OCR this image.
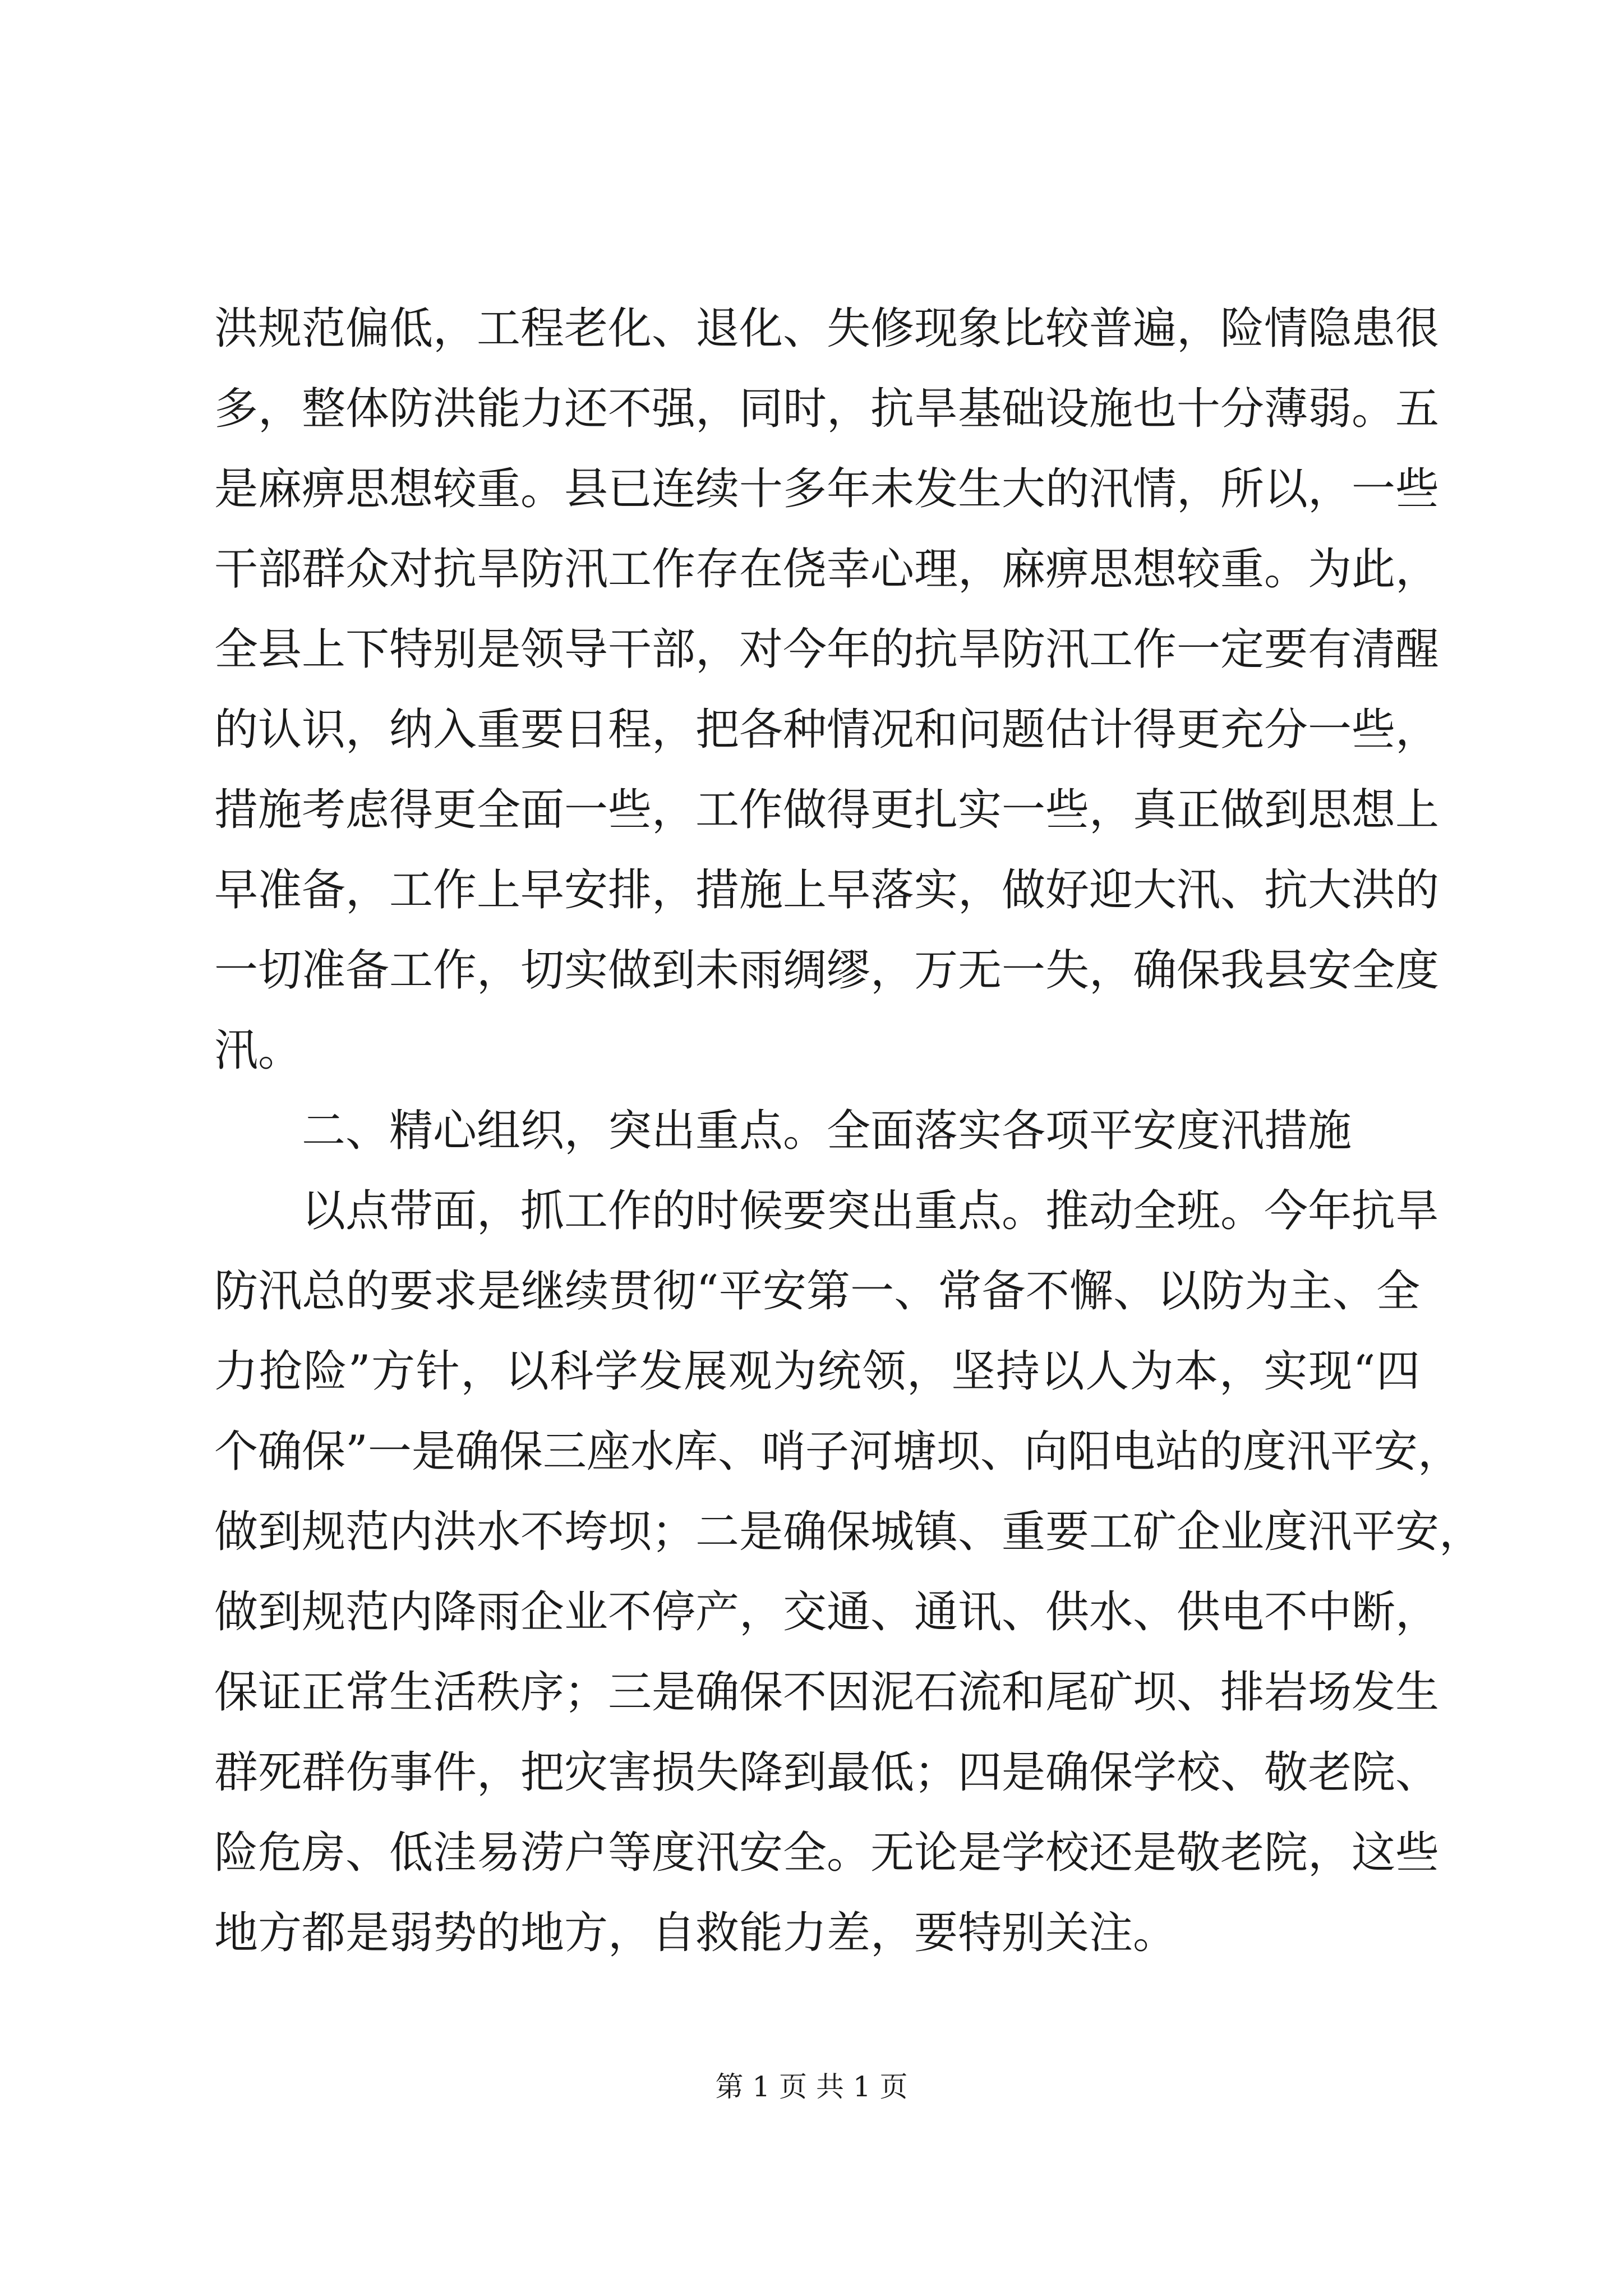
洪规范偏低，工程老化、退化、失修现象比较普遍，险情隐患很
多，整体防洪能力还不强，同时，抗旱基础设施也十分薄弱。五
是麻痹思想较重。县已连续十多年未发生大的汛情，所以，一些
干部群众对抗旱防汛工作存在侥幸心理，麻痹思想较重。为此，
全县上下特别是领导干部，对今年的抗旱防汛工作一定要有清醒
的认识，纳入重要日程，把各种情况和问题估计得更充分一些，
措施考虑得更全面一些，工作做得更扎实一些，真正做到思想上
早准备，工作上早安排，措施上早落实，做好迎大汛、抗大洪的
一切准备工作，切实做到未雨绸缪，万无一失，确保我县安全度
汛。
二、精心组织，突出重点。全面落实各项平安度汛措施
以点带面，抓工作的时候要突出重点。推动全班。今年抗旱
防汛总的要求是继续贯彻“平安第一、常备不懈、以防为主、全
力抢险”方针，以科学发展观为统领，坚持以人为本，实现“四
个确保”一是确保三座水库、哨子河塘坝、向阳电站的度汛平安，
做到规范内洪水不垮坝；二是确保城镇、重要工矿企业度汛平安，
做到规范内降雨企业不停产，交通、通讯、供水、供电不中断，
保证正常生活秩序；三是确保不因泥石流和尾矿坝、排岩场发生
群死群伤事件，把灾害损失降到最低；四是确保学校、敬老院、
险危房、低洼易涝户等度汛安全。无论是学校还是敬老院，这些
地方都是弱势的地方，自救能力差，要特别关注。
第 1 页 共 1 页
